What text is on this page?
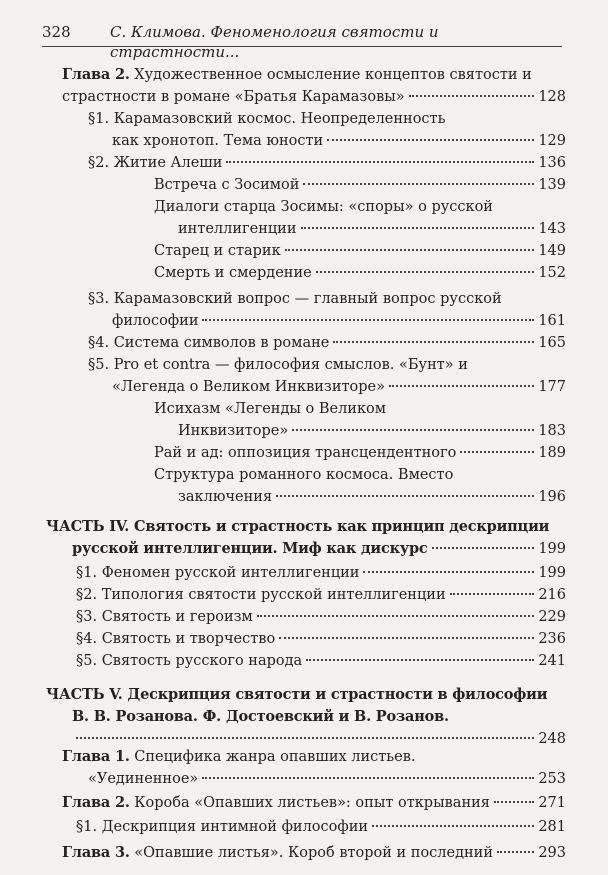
328	С. Климова. Феноменология святости и страстности...
Глава 2. Художественное осмысление концептов святости и
страстности в романе «Братья Карамазовы»	128
§1. Карамазовский космос. Неопределенность
как хронотоп. Тема юности	129
§2. Житие Алеши	136
Встреча с Зосимой	139
Диалоги старца Зосимы: «споры» о русской
интеллигенции	143
Старец и старик	149
Смерть и смердение	152
§3. Карамазовский вопрос — главный вопрос русской
философии	161
§4. Система символов в романе	165
§5. Pro et contra — философия смыслов. «Бунт» и
«Легенда о Великом Инквизиторе»	177
Исихазм «Легенды о Великом
Инквизиторе»	183
Рай и ад: оппозиция трансцендентного	189
Структура романного космоса. Вместо
заключения	196
ЧАСТЬ IV. Святость и страстность как принцип дескрипции
русской интеллигенции. Миф как дискурс	199
§1. Феномен русской интеллигенции	199
§2. Типология святости русской интеллигенции	216
§3. Святость и героизм	229
§4. Святость и творчество	236
§5. Святость русского народа	241
ЧАСТЬ V. Дескрипция святости и страстности в философии
В. В. Розанова. Ф. Достоевский и В. Розанов.
248
Глава 1. Специфика жанра опавших листьев.
«Уединенное»	253
Глава 2. Короба «Опавших листьев»: опыт открывания	271
§1. Дескрипция интимной философии	281
Глава 3. «Опавшие листья». Короб второй и последний	293
